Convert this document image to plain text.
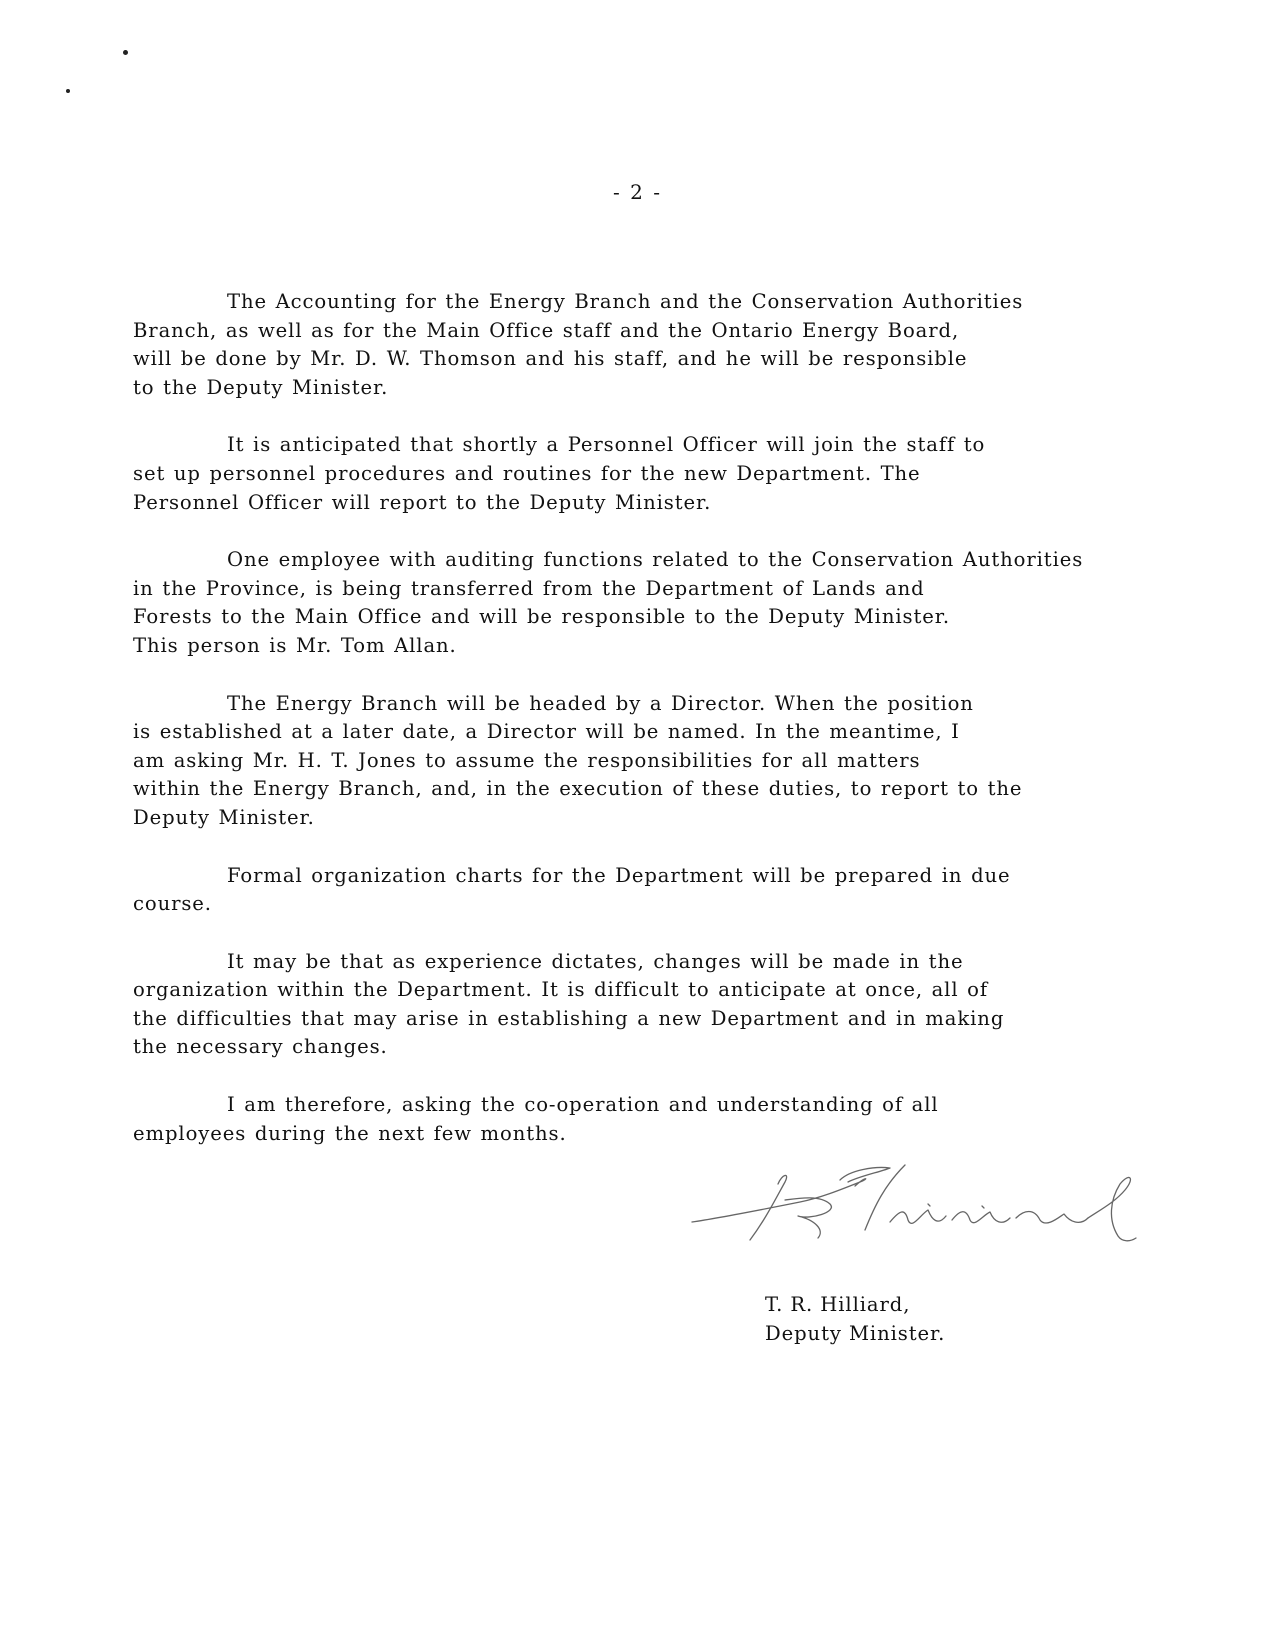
- 2 -

The Accounting for the Energy Branch and the Conservation Authorities
Branch, as well as for the Main Office staff and the Ontario Energy Board,
will be done by Mr. D. W. Thomson and his staff, and he will be responsible
to the Deputy Minister.

It is anticipated that shortly a Personnel Officer will join the staff to
set up personnel procedures and routines for the new Department. The
Personnel Officer will report to the Deputy Minister.

One employee with auditing functions related to the Conservation Authorities
in the Province, is being transferred from the Department of Lands and
Forests to the Main Office and will be responsible to the Deputy Minister.
This person is Mr. Tom Allan.

The Energy Branch will be headed by a Director. When the position
is established at a later date, a Director will be named. In the meantime, I
am asking Mr. H. T. Jones to assume the responsibilities for all matters
within the Energy Branch, and, in the execution of these duties, to report to the
Deputy Minister.

Formal organization charts for the Department will be prepared in due
course.

It may be that as experience dictates, changes will be made in the
organization within the Department. It is difficult to anticipate at once, all of
the difficulties that may arise in establishing a new Department and in making
the necessary changes.

I am therefore, asking the co-operation and understanding of all
employees during the next few months.

T. R. Hilliard,
Deputy Minister.
